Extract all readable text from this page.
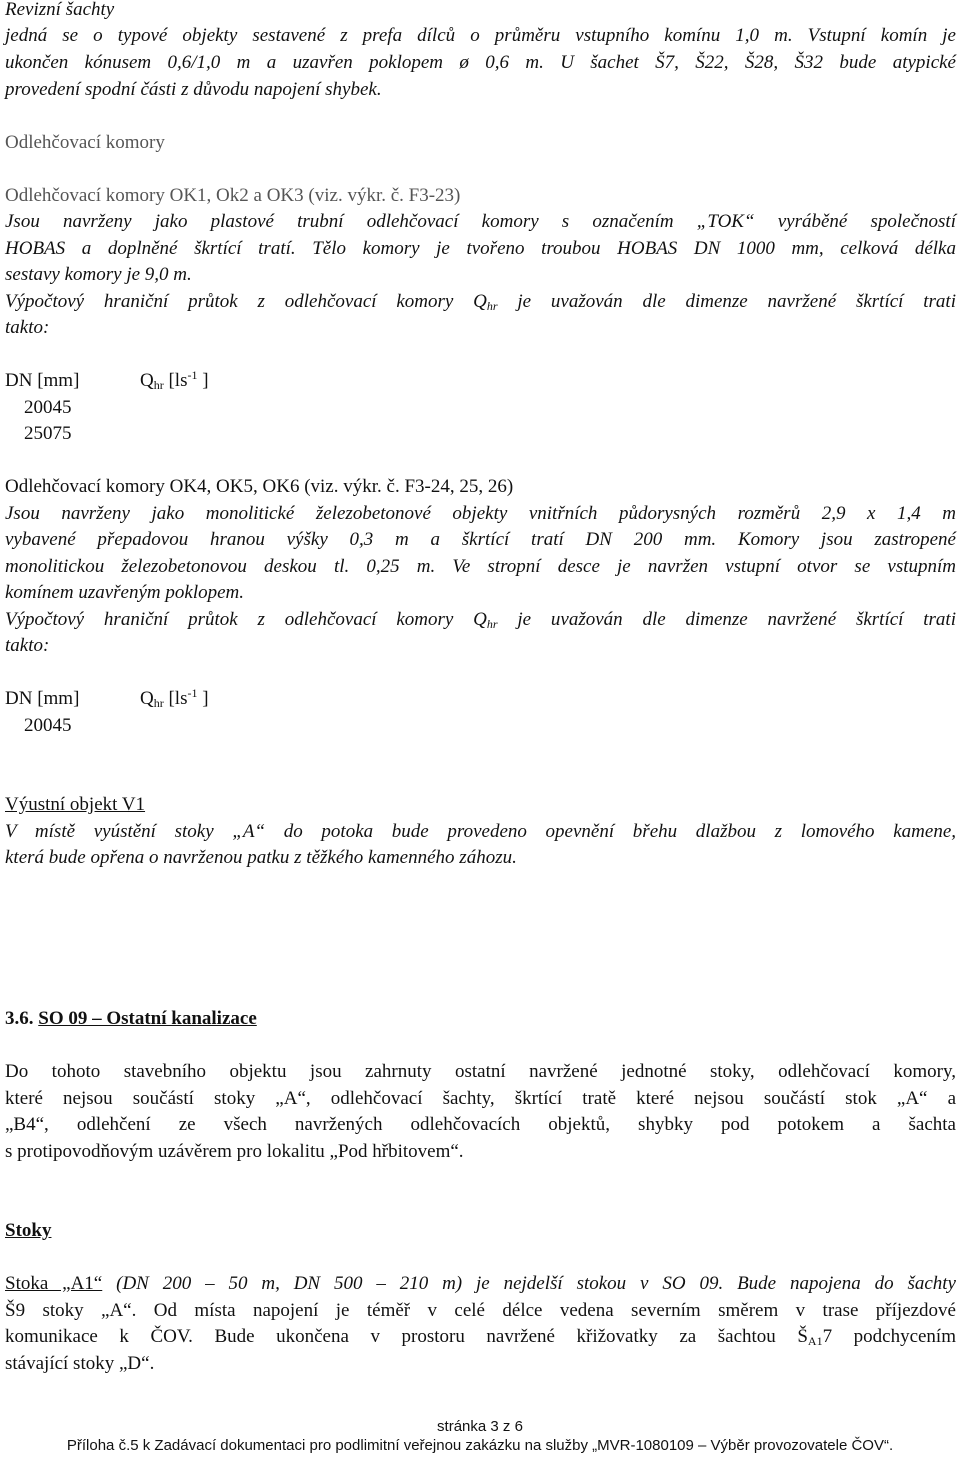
Revizní šachty
jedná se o typové objekty sestavené z prefa dílců o průměru vstupního komínu 1,0 m. Vstupní komín je
ukončen kónusem 0,6/1,0 m a uzavřen poklopem ø 0,6 m. U šachet Š7, Š22, Š28, Š32 bude atypické
provedení spodní části z důvodu napojení shybek.
Odlehčovací komory
Odlehčovací komory OK1, Ok2 a OK3 (viz. výkr. č. F3-23)
Jsou navrženy jako plastové trubní odlehčovací komory s označením „TOK“ vyráběné společností
HOBAS a doplněné škrtící tratí. Tělo komory je tvořeno troubou HOBAS DN 1000 mm, celková délka
sestavy komory je 9,0 m.
Výpočtový hraniční průtok z odlehčovací komory $Q_{hr}$ je uvažován dle dimenze navržené škrtící trati
takto:
DN [mm]	$Q_{hr}$ [$ls^{-1}$ ]
20045
25075
Odlehčovací komory OK4, OK5, OK6 (viz. výkr. č. F3-24, 25, 26)
Jsou navrženy jako monolitické železobetonové objekty vnitřních půdorysných rozměrů 2,9 x 1,4 m
vybavené přepadovou hranou výšky 0,3 m a škrtící tratí DN 200 mm. Komory jsou zastropené
monolitickou železobetonovou deskou tl. 0,25 m. Ve stropní desce je navržen vstupní otvor se vstupním
komínem uzavřeným poklopem.
Výpočtový hraniční průtok z odlehčovací komory $Q_{hr}$ je uvažován dle dimenze navržené škrtící trati
takto:
DN [mm]	$Q_{hr}$ [$ls^{-1}$ ]
20045
Výustní objekt V1
V místě vyústění stoky „A“ do potoka bude provedeno opevnění břehu dlažbou z lomového kamene,
která bude opřena o navrženou patku z těžkého kamenného záhozu.
3.6. SO 09 – Ostatní kanalizace
Do tohoto stavebního objektu jsou zahrnuty ostatní navržené jednotné stoky, odlehčovací komory,
které nejsou součástí stoky „A“, odlehčovací šachty, škrtící tratě které nejsou součástí stok „A“ a
„B4“, odlehčení ze všech navržených odlehčovacích objektů, shybky pod potokem a šachta
s protipovodňovým uzávěrem pro lokalitu „Pod hřbitovem“.
Stoky
Stoka „A1“ (DN 200 – 50 m, DN 500 – 210 m) je nejdelší stokou v SO 09. Bude napojena do šachty
Š9 stoky „A“. Od místa napojení je téměř v celé délce vedena severním směrem v trase příjezdové
komunikace k ČOV. Bude ukončena v prostoru navržené křižovatky za šachtou $Š_{A1}7$ podchycením
stávající stoky „D“.
stránka 3 z 6
Příloha č.5 k Zadávací dokumentaci pro podlimitní veřejnou zakázku na služby „MVR-1080109 – Výběr provozovatele ČOV“.
